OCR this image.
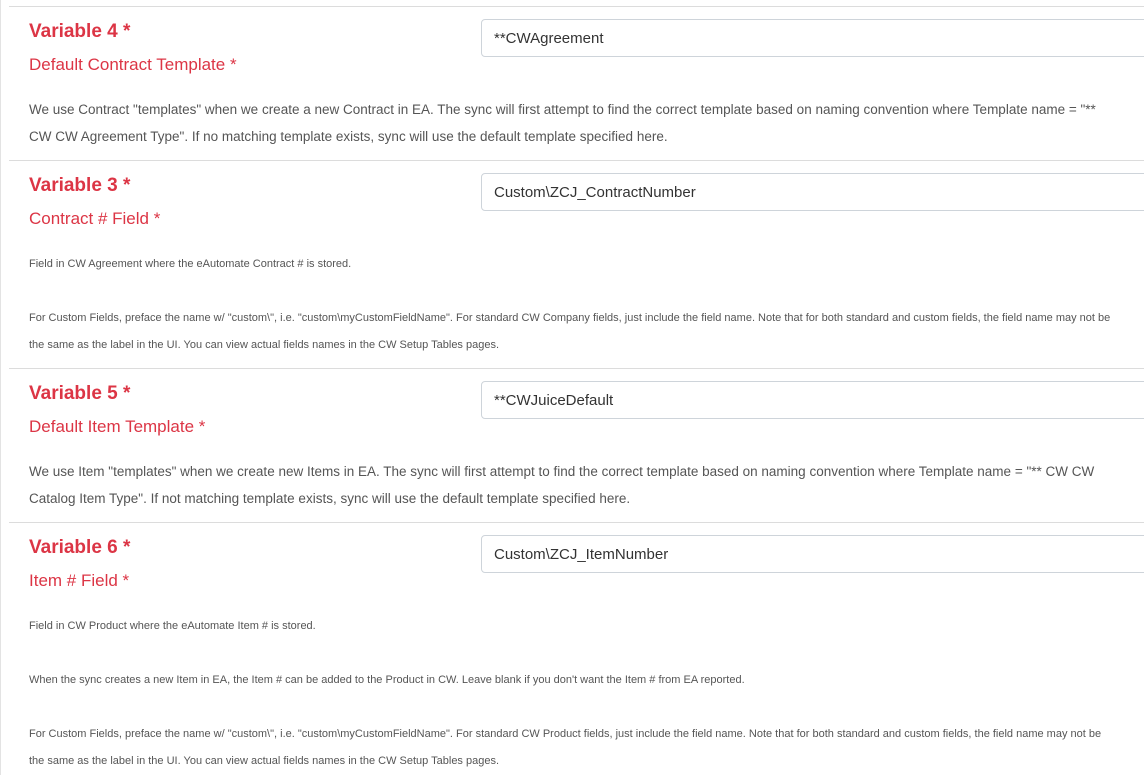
Variable 4 *
Default Contract Template *
**CWAgreement

We use Contract "templates" when we create a new Contract in EA. The sync will first attempt to find the correct template based on naming convention where Template name = "** CW CW Agreement Type". If no matching template exists, sync will use the default template specified here.

Variable 3 *
Contract # Field *
Custom\ZCJ_ContractNumber

Field in CW Agreement where the eAutomate Contract # is stored.

For Custom Fields, preface the name w/ "custom\", i.e. "custom\myCustomFieldName". For standard CW Company fields, just include the field name. Note that for both standard and custom fields, the field name may not be the same as the label in the UI. You can view actual fields names in the CW Setup Tables pages.

Variable 5 *
Default Item Template *
**CWJuiceDefault

We use Item "templates" when we create new Items in EA. The sync will first attempt to find the correct template based on naming convention where Template name = "** CW CW Catalog Item Type". If not matching template exists, sync will use the default template specified here.

Variable 6 *
Item # Field *
Custom\ZCJ_ItemNumber

Field in CW Product where the eAutomate Item # is stored.

When the sync creates a new Item in EA, the Item # can be added to the Product in CW. Leave blank if you don't want the Item # from EA reported.

For Custom Fields, preface the name w/ "custom\", i.e. "custom\myCustomFieldName". For standard CW Product fields, just include the field name. Note that for both standard and custom fields, the field name may not be the same as the label in the UI. You can view actual fields names in the CW Setup Tables pages.
